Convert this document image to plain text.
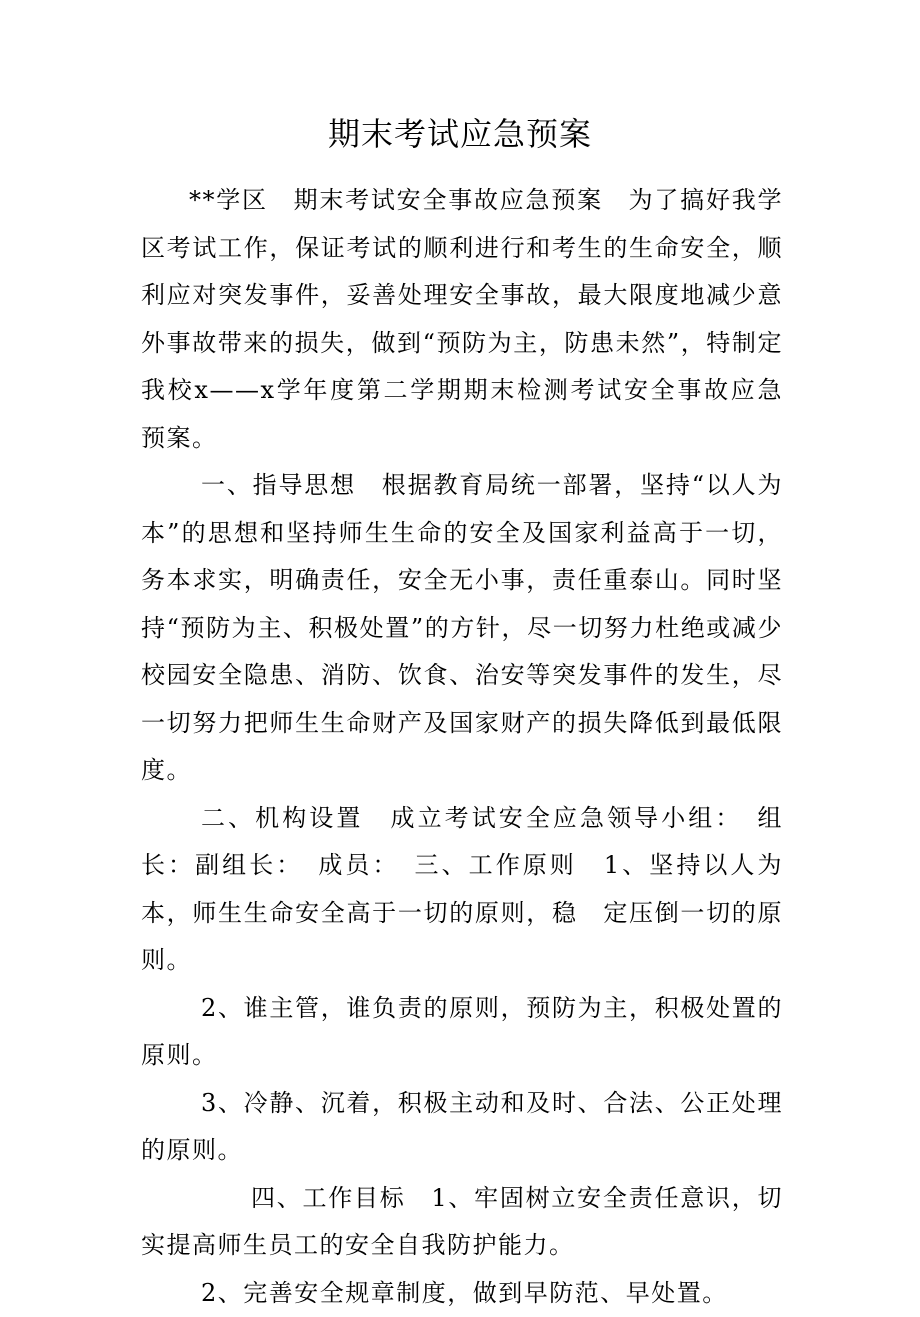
期末考试应急预案

**学区　期末考试安全事故应急预案　为了搞好我学区考试工作，保证考试的顺利进行和考生的生命安全，顺利应对突发事件，妥善处理安全事故，最大限度地减少意外事故带来的损失，做到“预防为主，防患未然”，特制定我校x——x学年度第二学期期末检测考试安全事故应急预案。

一、指导思想　根据教育局统一部署，坚持“以人为本”的思想和坚持师生生命的安全及国家利益高于一切，务本求实，明确责任，安全无小事，责任重泰山。同时坚持“预防为主、积极处置”的方针，尽一切努力杜绝或减少校园安全隐患、消防、饮食、治安等突发事件的发生，尽一切努力把师生生命财产及国家财产的损失降低到最低限度。

二、机构设置　成立考试安全应急领导小组：　组长：副组长：　成员：　三、工作原则　1、坚持以人为本，师生生命安全高于一切的原则，稳　定压倒一切的原则。

2、谁主管，谁负责的原则，预防为主，积极处置的原则。

3、冷静、沉着，积极主动和及时、合法、公正处理的原则。

四、工作目标　1、牢固树立安全责任意识，切实提高师生员工的安全自我防护能力。

2、完善安全规章制度，做到早防范、早处置。
